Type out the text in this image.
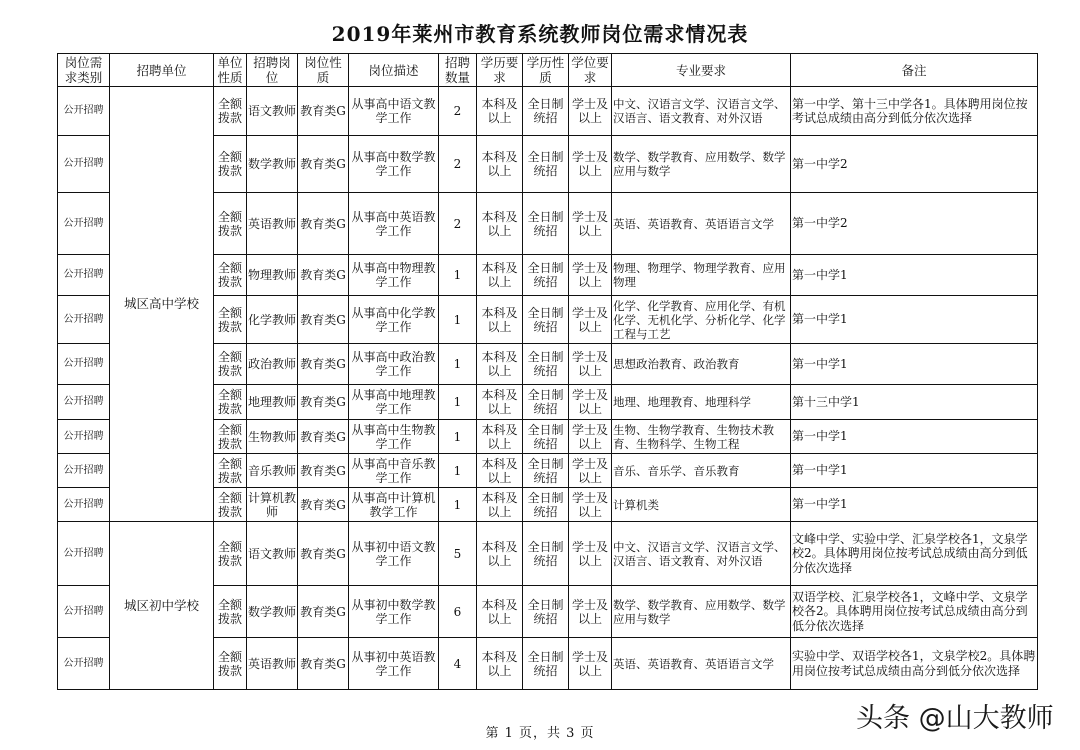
2019年莱州市教育系统教师岗位需求情况表
岗位需求类别	招聘单位	单位性质	招聘岗位	岗位性质	岗位描述	招聘数量	学历要求	学历性质	学位要求	专业要求	备注
公开招聘	城区高中学校	全额拨款	语文教师	教育类G	从事高中语文教学工作	2	本科及以上	全日制统招	学士及以上	中文、汉语言文学、汉语言文学、汉语言、语文教育、对外汉语	第一中学、第十三中学各1。具体聘用岗位按考试总成绩由高分到低分依次选择
公开招聘		全额拨款	数学教师	教育类G	从事高中数学教学工作	2	本科及以上	全日制统招	学士及以上	数学、数学教育、应用数学、数学应用与数学	第一中学2
公开招聘		全额拨款	英语教师	教育类G	从事高中英语教学工作	2	本科及以上	全日制统招	学士及以上	英语、英语教育、英语语言文学	第一中学2
公开招聘		全额拨款	物理教师	教育类G	从事高中物理教学工作	1	本科及以上	全日制统招	学士及以上	物理、物理学、物理学教育、应用物理	第一中学1
公开招聘		全额拨款	化学教师	教育类G	从事高中化学教学工作	1	本科及以上	全日制统招	学士及以上	化学、化学教育、应用化学、有机化学、无机化学、分析化学、化学工程与工艺	第一中学1
公开招聘		全额拨款	政治教师	教育类G	从事高中政治教学工作	1	本科及以上	全日制统招	学士及以上	思想政治教育、政治教育	第一中学1
公开招聘		全额拨款	地理教师	教育类G	从事高中地理教学工作	1	本科及以上	全日制统招	学士及以上	地理、地理教育、地理科学	第十三中学1
公开招聘		全额拨款	生物教师	教育类G	从事高中生物教学工作	1	本科及以上	全日制统招	学士及以上	生物、生物学教育、生物技术教育、生物科学、生物工程	第一中学1
公开招聘		全额拨款	音乐教师	教育类G	从事高中音乐教学工作	1	本科及以上	全日制统招	学士及以上	音乐、音乐学、音乐教育	第一中学1
公开招聘		全额拨款	计算机教师	教育类G	从事高中计算机教学工作	1	本科及以上	全日制统招	学士及以上	计算机类	第一中学1
公开招聘	城区初中学校	全额拨款	语文教师	教育类G	从事初中语文教学工作	5	本科及以上	全日制统招	学士及以上	中文、汉语言文学、汉语言文学、汉语言、语文教育、对外汉语	文峰中学、实验中学、汇泉学校各1，文泉学校2。具体聘用岗位按考试总成绩由高分到低分依次选择
公开招聘		全额拨款	数学教师	教育类G	从事初中数学教学工作	6	本科及以上	全日制统招	学士及以上	数学、数学教育、应用数学、数学应用与数学	双语学校、汇泉学校各1，文峰中学、文泉学校各2。具体聘用岗位按考试总成绩由高分到低分依次选择
公开招聘		全额拨款	英语教师	教育类G	从事初中英语教学工作	4	本科及以上	全日制统招	学士及以上	英语、英语教育、英语语言文学	实验中学、双语学校各1，文泉学校2。具体聘用岗位按考试总成绩由高分到低分依次选择
第 1 页，共 3 页	头条 @山大教师
